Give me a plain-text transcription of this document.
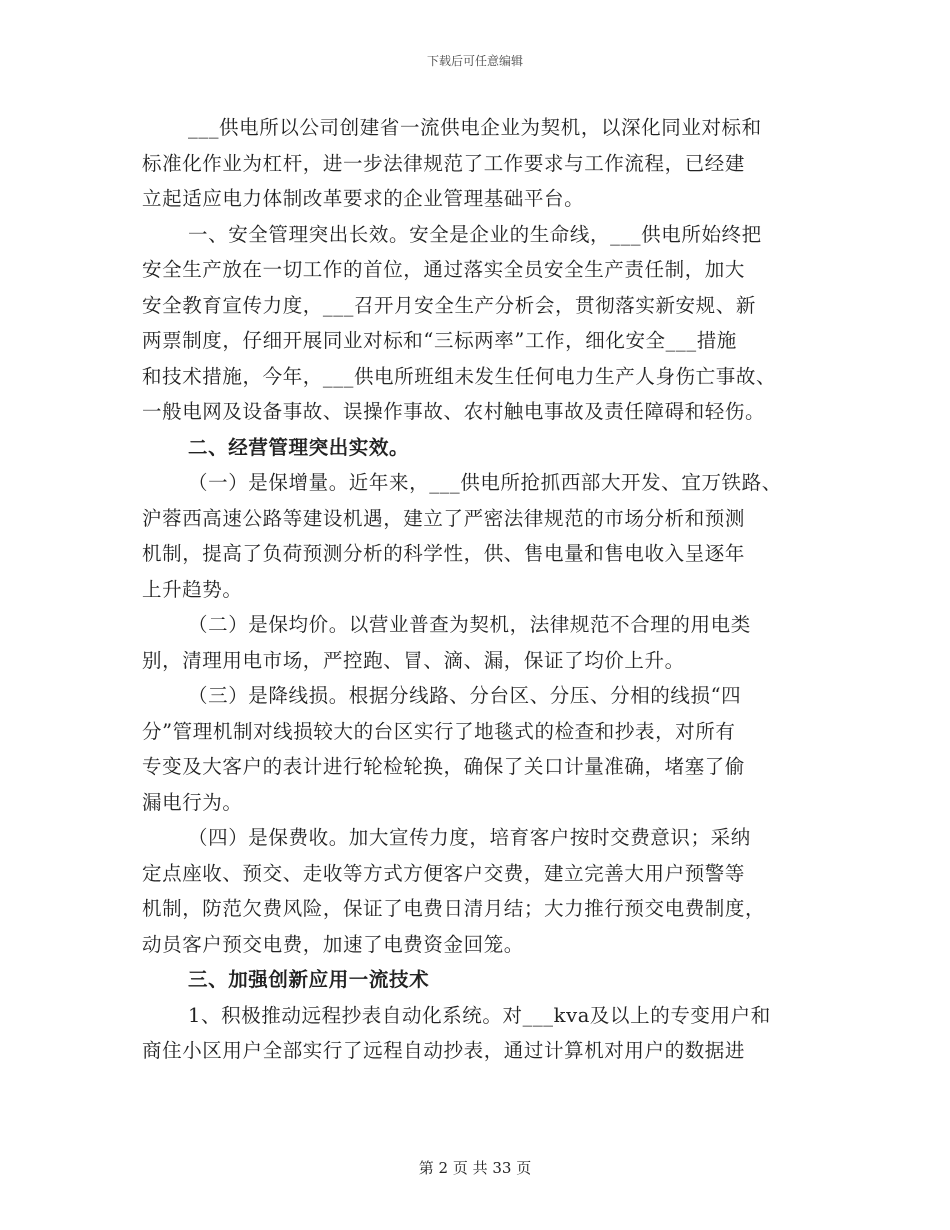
下载后可任意编辑
___供电所以公司创建省一流供电企业为契机，以深化同业对标和
标准化作业为杠杆，进一步法律规范了工作要求与工作流程，已经建
立起适应电力体制改革要求的企业管理基础平台。
一、安全管理突出长效。安全是企业的生命线，___供电所始终把
安全生产放在一切工作的首位，通过落实全员安全生产责任制，加大
安全教育宣传力度，___召开月安全生产分析会，贯彻落实新安规、新
两票制度，仔细开展同业对标和“三标两率”工作，细化安全___措施
和技术措施，今年，___供电所班组未发生任何电力生产人身伤亡事故、
一般电网及设备事故、误操作事故、农村触电事故及责任障碍和轻伤。
二、经营管理突出实效。
（一）是保增量。近年来，___供电所抢抓西部大开发、宜万铁路、
沪蓉西高速公路等建设机遇，建立了严密法律规范的市场分析和预测
机制，提高了负荷预测分析的科学性，供、售电量和售电收入呈逐年
上升趋势。
（二）是保均价。以营业普查为契机，法律规范不合理的用电类
别，清理用电市场，严控跑、冒、滴、漏，保证了均价上升。
（三）是降线损。根据分线路、分台区、分压、分相的线损“四
分”管理机制对线损较大的台区实行了地毯式的检查和抄表，对所有
专变及大客户的表计进行轮检轮换，确保了关口计量准确，堵塞了偷
漏电行为。
（四）是保费收。加大宣传力度，培育客户按时交费意识；采纳
定点座收、预交、走收等方式方便客户交费，建立完善大用户预警等
机制，防范欠费风险，保证了电费日清月结；大力推行预交电费制度，
动员客户预交电费，加速了电费资金回笼。
三、加强创新应用一流技术
1、积极推动远程抄表自动化系统。对___kva及以上的专变用户和
商住小区用户全部实行了远程自动抄表，通过计算机对用户的数据进
第 2 页 共 33 页
